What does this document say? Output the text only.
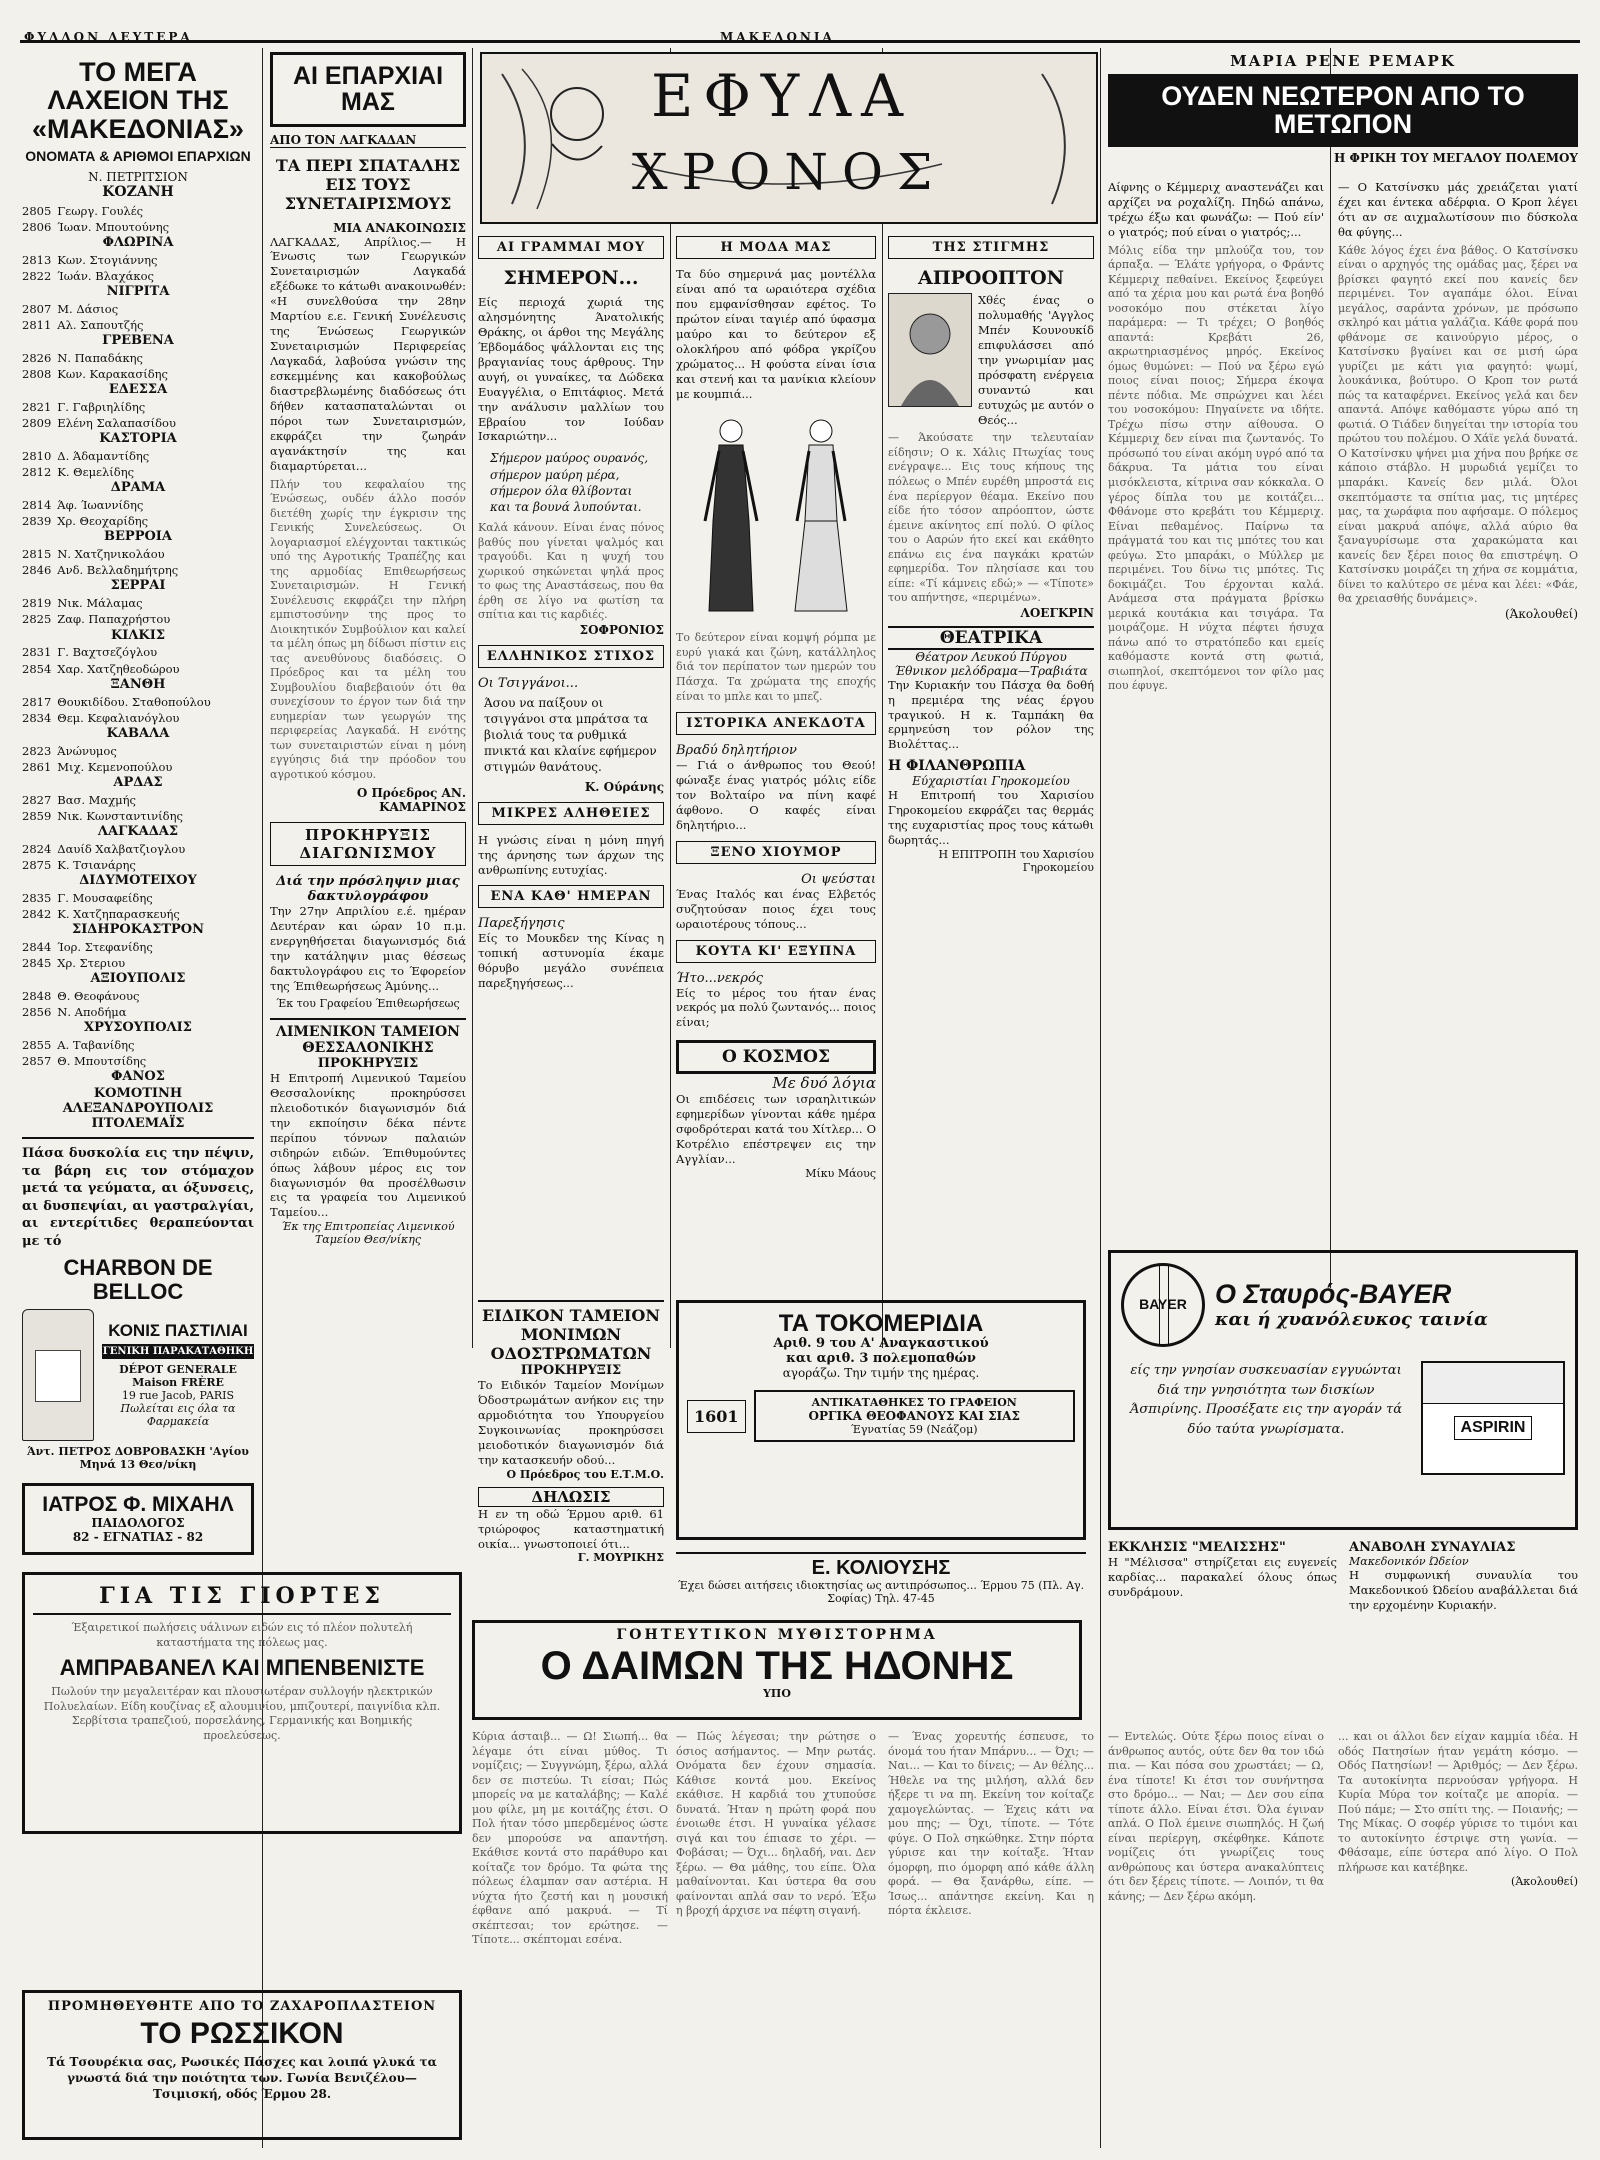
ΦΥΛΛΟΝ ΔΕΥΤΕΡΑ	ΜΑΚΕΔΟΝΙΑ
ΤΟ ΜΕΓΑ ΛΑΧΕΙΟΝ ΤΗΣ «ΜΑΚΕΔΟΝΙΑΣ»
ΟΝΟΜΑΤΑ & ΑΡΙΘΜΟΙ ΕΠΑΡΧΙΩΝ
Ν. ΠΕΤΡΙΤΣΙΟΝ
ΚΟΖΑΝΗ
2805 Γεωργ. Γουλές
2806 Ίωαν. Μπουτούνης
ΦΛΩΡΙΝΑ
2813 Κων. Στογιάννης
2822 Ίωάν. Βλαχάκος
ΝΙΓΡΙΤΑ
2807 Μ. Δάσιος
2811 Αλ. Σαπουτζής
ΓΡΕΒΕΝΑ
2826 Ν. Παπαδάκης
2808 Κων. Καρακασίδης
ΕΔΕΣΣΑ
2821 Γ. Γαβριηλίδης
2809 Ελένη Σαλαπασίδου
ΚΑΣΤΟΡΙΑ
2810 Δ. Άδαμαντίδης
2812 Κ. Θεμελίδης
ΔΡΑΜΑ
2814 Άφ. Ίωαννίδης
2839 Χρ. Θεοχαρίδης
ΒΕΡΡΟΙΑ
2815 Ν. Χατζηνικολάου
2846 Ανδ. Βελλαδημήτρης
ΣΕΡΡΑΙ
2819 Νικ. Μάλαμας
2825 Ζαφ. Παπαχρήστου
ΚΙΛΚΙΣ
2831 Γ. Βαχτσεζόγλου
2854 Χαρ. Χατζηθεοδώρου
ΞΑΝΘΗ
2817 Θουκιδίδου. Σταθοπούλου
2834 Θεμ. Κεφαλιανόγλου
ΚΑΒΑΛΑ
2823 Άνώνυμος
2861 Μιχ. Κεμενοπούλου
ΑΡΔΑΣ
2827 Βασ. Μαχμής
2859 Νικ. Κωνσταντινίδης
ΛΑΓΚΑΔΑΣ
2824 Δαυίδ Χαλβατζιογλου
2875 Κ. Τσιανάρης
ΔΙΔΥΜΟΤΕΙΧΟΥ
2835 Γ. Μουσαφείδης
2842 Κ. Χατζηπαρασκευής
ΣΙΔΗΡΟΚΑΣΤΡΟΝ
2844 Ίορ. Στεφανίδης
2845 Χρ. Στεριου
ΑΞΙΟΥΠΟΛΙΣ
2848 Θ. Θεοφάνους
2856 Ν. Αποδήμα
ΧΡΥΣΟΥΠΟΛΙΣ
2855 Α. Ταβανίδης
2857 Θ. Μπουτσίδης
ΦΑΝΟΣ
ΚΟΜΟΤΙΝΗ
ΑΛΕΞΑΝΔΡΟΥΠΟΛΙΣ
ΠΤΟΛΕΜΑΪΣ
Πάσα δυσκολία εις την πέψιν, τα βάρη εις τον στόμαχον μετά τα γεύματα, αι όξυνσεις, αι δυσπεψίαι, αι γαστραλγίαι, αι εντερίτιδες θεραπεύονται με τό
CHARBON DE BELLOC
ΚΟΝΙΣ ΠΑΣΤΙΛΙΑΙ
ΓΕΝΙΚΗ ΠΑΡΑΚΑΤΑΘΗΚΗ
DÉPOT GENERALE Maison FRÈRE
19 rue Jacob, PARIS
Πωλείται εις όλα τα Φαρμακεία
Άντ. ΠΕΤΡΟΣ ΔΟΒΡΟΒΑΣΚΗ 'Αγίου Μηνά 13 Θεσ/νίκη
ΙΑΤΡΟΣ Φ. ΜΙΧΑΗΛ
ΠΑΙΔΟΛΟΓΟΣ
82 - ΕΓΝΑΤΙΑΣ - 82
ΓΙΑ ΤΙΣ ΓΙΟΡΤΕΣ
Έξαιρετικοί πωλήσεις υάλινων ειδών εις τό πλέον πολυτελή καταστήματα της πόλεως μας.
ΑΜΠΡΑΒΑΝΕΛ ΚΑΙ ΜΠΕΝΒΕΝΙΣΤΕ
Πωλούν την μεγαλειτέραν και πλουσιωτέραν συλλογήν ηλεκτρικών Πολυελαίων. Είδη κουζίνας εξ αλουμινίου, μπιζουτερί, παιγνίδια κλπ. Σερβίτσια τραπεζιού, πορσελάνης, Γερμανικής και Βοημικής προελεύσεως.
ΠΡΟΜΗΘΕΥΘΗΤΕ ΑΠΟ ΤΟ ΖΑΧΑΡΟΠΛΑΣΤΕΙΟΝ
ΤΟ ΡΩΣΣΙΚΟΝ
Τά Τσουρέκια σας, Ρωσικές Πάσχες και λοιπά γλυκά τα γνωστά διά την ποιότητα των. Γωνία Βενιζέλου—Τσιμισκή, οδός Έρμου 28.
ΑΙ ΕΠΑΡΧΙΑΙ ΜΑΣ
ΑΠΟ ΤΟΝ ΛΑΓΚΑΔΑΝ
ΤΑ ΠΕΡΙ ΣΠΑΤΑΛΗΣ ΕΙΣ ΤΟΥΣ ΣΥΝΕΤΑΙΡΙΣΜΟΥΣ
ΜΙΑ ΑΝΑΚΟΙΝΩΣΙΣ
ΛΑΓΚΑΔΑΣ, Απρίλιος.— Η Ένωσις των Γεωργικών Συνεταιρισμών Λαγκαδά εξέδωκε το κάτωθι ανακοινωθέν: «Η συνελθούσα την 28ην Μαρτίου ε.ε. Γενική Συνέλευσις της Ένώσεως Γεωργικών Συνεταιρισμών Περιφερείας Λαγκαδά, λαβούσα γνώσιν της εσκεμμένης και κακοβούλως διαστρεβλωμένης διαδόσεως ότι δήθεν κατασπαταλώνται οι πόροι των Συνεταιρισμών, εκφράζει την ζωηράν αγανάκτησίν της και διαμαρτύρεται...
Πλήν του κεφαλαίου της Ένώσεως, ουδέν άλλο ποσόν διετέθη χωρίς την έγκρισιν της Γενικής Συνελεύσεως. Οι λογαριασμοί ελέγχονται τακτικώς υπό της Αγροτικής Τραπέζης και της αρμοδίας Επιθεωρήσεως Συνεταιρισμών. Η Γενική Συνέλευσις εκφράζει την πλήρη εμπιστοσύνην της προς το Διοικητικόν Συμβούλιον και καλεί τα μέλη όπως μη δίδωσι πίστιν εις τας ανευθύνους διαδόσεις. Ο Πρόεδρος και τα μέλη του Συμβουλίου διαβεβαιούν ότι θα συνεχίσουν το έργον των διά την ευημερίαν των γεωργών της περιφερείας Λαγκαδά. Η ενότης των συνεταιριστών είναι η μόνη εγγύησις διά την πρόοδον του αγροτικού κόσμου.
Ο Πρόεδρος ΑΝ. ΚΑΜΑΡΙΝΟΣ
ΠΡΟΚΗΡΥΞΙΣ ΔΙΑΓΩΝΙΣΜΟΥ
Διά την πρόσληψιν μιας δακτυλογράφου
Την 27ην Απριλίου ε.έ. ημέραν Δευτέραν και ώραν 10 π.μ. ενεργηθήσεται διαγωνισμός διά την κατάληψιν μιας θέσεως δακτυλογράφου εις το Έφορείον της Έπιθεωρήσεως Άμύνης...
Έκ του Γραφείου Έπιθεωρήσεως
ΛΙΜΕΝΙΚΟΝ ΤΑΜΕΙΟΝ ΘΕΣΣΑΛΟΝΙΚΗΣ
ΠΡΟΚΗΡΥΞΙΣ
Η Επιτροπή Λιμενικού Ταμείου Θεσσαλονίκης προκηρύσσει πλειοδοτικόν διαγωνισμόν διά την εκποίησιν δέκα πέντε περίπου τόννων παλαιών σιδηρών ειδών. Έπιθυμούντες όπως λάβουν μέρος εις τον διαγωνισμόν θα προσέλθωσιν εις τα γραφεία του Λιμενικού Ταμείου...
Έκ της Επιτροπείας Λιμενικού Ταμείου Θεσ/νίκης
ΕΦΥΛΑ
ΧΡΟΝΟΣ
ΑΙ ΓΡΑΜΜΑΙ ΜΟΥ
ΣΗΜΕΡΟΝ...
Είς περιοχά χωριά της αλησμόνητης Άνατολικής Θράκης, οι άρθοι της Μεγάλης Έβδομάδος ψάλλονται εις της βραγιανίας τους άρθρους. Την αυγή, οι γυναίκες, τα Δώδεκα Ευαγγέλια, ο Επιτάφιος. Μετά την ανάλυσιν μαλλίων του Εβραίου τον Ιούδαν Ισκαριώτην...
Σήμερον μαύρος ουρανός, σήμερον μαύρη μέρα, σήμερον όλα θλίβονται και τα βουνά λυπούνται.
Καλά κάνουν. Είναι ένας πόνος βαθύς που γίνεται ψαλμός και τραγούδι. Και η ψυχή του χωρικού σηκώνεται ψηλά προς το φως της Αναστάσεως, που θα έρθη σε λίγο να φωτίση τα σπίτια και τις καρδιές.
ΣΟΦΡΟΝΙΟΣ
ΕΛΛΗΝΙΚΟΣ ΣΤΙΧΟΣ
Οι Τσιγγάνοι...
Άσου να παίξουν οι τσιγγάνοι στα μπράτσα τα βιολιά τους τα ρυθμικά πνικτά και κλαίνε εφήμερον στιγμών θανάτους.
Κ. Ούράνης
ΜΙΚΡΕΣ ΑΛΗΘΕΙΕΣ
Η γνώσις είναι η μόνη πηγή της άρνησης των άρχων της ανθρωπίνης ευτυχίας.
ΕΝΑ ΚΑΘ' ΗΜΕΡΑΝ
Παρεξήγησις
Είς το Μουκδεν της Κίνας η τοπική αστυνομία έκαμε θόρυβο μεγάλο συνέπεια παρεξηγήσεως...
ΕΙΔΙΚΟΝ ΤΑΜΕΙΟΝ ΜΟΝΙΜΩΝ ΟΔΟΣΤΡΩΜΑΤΩΝ
ΠΡΟΚΗΡΥΞΙΣ
Το Ειδικόν Ταμείον Μονίμων Όδοστρωμάτων ανήκον εις την αρμοδιότητα του Υπουργείου Συγκοινωνίας προκηρύσσει μειοδοτικόν διαγωνισμόν διά την κατασκευήν οδού...
Ο Πρόεδρος του Ε.Τ.Μ.Ο.
ΔΗΛΩΣΙΣ
Η εν τη οδώ Έρμου αριθ. 61 τριώροφος καταστηματική οικία... γνωστοποιεί ότι...
Γ. ΜΟΥΡΙΚΗΣ
Η ΜΟΔΑ ΜΑΣ
Τα δύο σημερινά μας μοντέλλα είναι από τα ωραιότερα σχέδια που εμφανίσθησαν εφέτος. Το πρώτον είναι ταγιέρ από ύφασμα μαύρο και το δεύτερον εξ ολοκλήρου από φόδρα γκρίζου χρώματος... Η φούστα είναι ίσια και στενή και τα μανίκια κλείουν με κουμπιά...
Το δεύτερον είναι κομψή ρόμπα με ευρύ γιακά και ζώνη, κατάλληλος διά τον περίπατον των ημερών του Πάσχα. Τα χρώματα της εποχής είναι το μπλε και το μπεζ.
ΙΣΤΟΡΙΚΑ ΑΝΕΚΔΟΤΑ
Βραδύ δηλητήριον
— Γιά ο άνθρωπος του Θεού! φώναξε ένας γιατρός μόλις είδε τον Βολταίρο να πίνη καφέ άφθονο. Ο καφές είναι δηλητήριο...
ΞΕΝΟ ΧΙΟΥΜΟΡ
Οι ψεύσται
Ένας Ιταλός και ένας Ελβετός συζητούσαν ποιος έχει τους ωραιοτέρους τόπους...
ΚΟΥΤΑ ΚΙ' ΕΞΥΠΝΑ
Ήτο...νεκρός
Είς το μέρος του ήταν ένας νεκρός μα πολύ ζωντανός... ποιος είναι;
Ο ΚΟΣΜΟΣ
Με δυό λόγια
Οι επιδέσεις των ισραηλιτικών εφημερίδων γίνονται κάθε ημέρα σφοδρότεραι κατά του Χίτλερ... Ο Κοτρέλιο επέστρεψεν εις την Αγγλίαν...
Μίκυ Μάους
ΤΑ ΤΟΚΟΜΕΡΙΔΙΑ
Αριθ. 9 του Α' Αναγκαστικού
και αριθ. 3 πολεμοπαθών
αγοράζω. Την τιμήν της ημέρας.
1601
ΑΝΤΙΚΑΤΑΘΗΚΕΣ ΤΟ ΓΡΑΦΕΙΟΝ
ΟΡΓΙΚΑ ΘΕΟΦΑΝΟΥΣ ΚΑΙ ΣΙΑΣ
Έγνατίας 59 (Νεάζομ)
Ε. ΚΟΛΙΟΥΣΗΣ
Έχει δώσει αιτήσεις ιδιοκτησίας ως αντιπρόσωπος... Έρμου 75 (Πλ. Αγ. Σοφίας) Τηλ. 47-45
ΤΗΣ ΣΤΙΓΜΗΣ
ΑΠΡΟΟΠΤΟΝ
Χθές ένας ο πολυμαθής 'Αγγλος Μπέν Κουνουκίδ επιφυλάσσει από την γνωριμίαν μας πρόσφατη ενέργεια συναντώ και ευτυχώς με αυτόν ο Θεός...
— Άκούσατε την τελευταίαν είδησιν; Ο κ. Χάλις Πτωχίας τους ενέγραψε... Εις τους κήπους της πόλεως ο Μπέν ευρέθη μπροστά εις ένα περίεργον θέαμα. Εκείνο που είδε ήτο τόσον απρόοπτον, ώστε έμεινε ακίνητος επί πολύ. Ο φίλος του ο Ααρών ήτο εκεί και εκάθητο επάνω εις ένα παγκάκι κρατών εφημερίδα. Τον πλησίασε και του είπε: «Τί κάμνεις εδώ;» — «Τίποτε» του απήντησε, «περιμένω».
ΛΟΕΓΚΡΙΝ
ΘΕΑΤΡΙΚΑ
Θέατρον Λευκού Πύργου
Έθνικον μελόδραμα—Τραβιάτα
Την Κυριακήν του Πάσχα θα δοθή η πρεμιέρα της νέας έργου τραγικού. Η κ. Ταμπάκη θα ερμηνεύση τον ρόλον της Βιολέττας...
Η ΦΙΛΑΝΘΡΩΠΙΑ
Εύχαριστίαι Γηροκομείου
Η Επιτροπή του Χαρισίου Γηροκομείου εκφράζει τας θερμάς της ευχαριστίας προς τους κάτωθι δωρητάς...
Η ΕΠΙΤΡΟΠΗ του Χαρισίου Γηροκομείου
ΜΑΡΙΑ ΡΕΝΕ ΡΕΜΑΡΚ
ΟΥΔΕΝ ΝΕΩΤΕΡΟΝ ΑΠΟ ΤΟ ΜΕΤΩΠΟΝ
Η ΦΡΙΚΗ ΤΟΥ ΜΕΓΑΛΟΥ ΠΟΛΕΜΟΥ
Αίφνης ο Κέμμεριχ αναστενάζει και αρχίζει να ροχαλίζη. Πηδώ απάνω, τρέχω έξω και φωνάζω: — Πού είν' ο γιατρός; πού είναι ο γιατρός;...
Μόλις είδα την μπλούζα του, τον άρπαξα. — Έλάτε γρήγορα, ο Φράντς Κέμμεριχ πεθαίνει. Εκείνος ξεφεύγει από τα χέρια μου και ρωτά ένα βοηθό νοσοκόμο που στέκεται λίγο παράμερα: — Τι τρέχει; Ο βοηθός απαντά: Κρεβάτι 26, ακρωτηριασμένος μηρός. Εκείνος όμως θυμώνει: — Πού να ξέρω εγώ ποιος είναι ποιος; Σήμερα έκοψα πέντε πόδια. Με σπρώχνει και λέει του νοσοκόμου: Πηγαίνετε να ιδήτε. Τρέχω πίσω στην αίθουσα. Ο Κέμμεριχ δεν είναι πια ζωντανός. Το πρόσωπό του είναι ακόμη υγρό από τα δάκρυα. Τα μάτια του είναι μισόκλειστα, κίτρινα σαν κόκκαλα. Ο γέρος δίπλα του με κοιτάζει... Φθάνομε στο κρεβάτι του Κέμμεριχ. Είναι πεθαμένος. Παίρνω τα πράγματά του και τις μπότες του και φεύγω. Στο μπαράκι, ο Μύλλερ με περιμένει. Του δίνω τις μπότες. Τις δοκιμάζει. Του έρχονται καλά. Ανάμεσα στα πράγματα βρίσκω μερικά κουτάκια και τσιγάρα. Τα μοιράζομε. Η νύχτα πέφτει ήσυχα πάνω από το στρατόπεδο και εμείς καθόμαστε κοντά στη φωτιά, σιωπηλοί, σκεπτόμενοι τον φίλο μας που έφυγε.
— Ο Κατσίνσκυ μάς χρειάζεται γιατί έχει και έντεκα αδέρφια. Ο Κροπ λέγει ότι αν σε αιχμαλωτίσουν πιο δύσκολα θα φύγης...
Κάθε λόγος έχει ένα βάθος. Ο Κατσίνσκυ είναι ο αρχηγός της ομάδας μας, ξέρει να βρίσκει φαγητό εκεί που κανείς δεν περιμένει. Τον αγαπάμε όλοι. Είναι μεγάλος, σαράντα χρόνων, με πρόσωπο σκληρό και μάτια γαλάζια. Κάθε φορά που φθάνομε σε καινούργιο μέρος, ο Κατσίνσκυ βγαίνει και σε μισή ώρα γυρίζει με κάτι για φαγητό: ψωμί, λουκάνικα, βούτυρο. Ο Κροπ τον ρωτά πώς τα καταφέρνει. Εκείνος γελά και δεν απαντά. Απόψε καθόμαστε γύρω από τη φωτιά. Ο Τιάδεν διηγείται την ιστορία του πρώτου του πολέμου. Ο Χάϊε γελά δυνατά. Ο Κατσίνσκυ ψήνει μια χήνα που βρήκε σε κάποιο στάβλο. Η μυρωδιά γεμίζει το μπαράκι. Κανείς δεν μιλά. Όλοι σκεπτόμαστε τα σπίτια μας, τις μητέρες μας, τα χωράφια που αφήσαμε. Ο πόλεμος είναι μακρυά απόψε, αλλά αύριο θα ξαναγυρίσωμε στα χαρακώματα και κανείς δεν ξέρει ποιος θα επιστρέψη. Ο Κατσίνσκυ μοιράζει τη χήνα σε κομμάτια, δίνει το καλύτερο σε μένα και λέει: «Φάε, θα χρειασθής δυνάμεις».
(Άκολουθεί)
BAYER	Ο Σταυρός-BAYER
και ή χυανόλευκος ταινία
είς την γνησίαν συσκευασίαν εγγυώνται διά την γνησιότητα των δισκίων Άσπιρίνης. Προσέξατε εις την αγοράν τά δύο ταύτα γνωρίσματα.	ASPIRIN
ΓΟΗΤΕΥΤΙΚΟΝ ΜΥΘΙΣΤΟΡΗΜΑ
Ο ΔΑΙΜΩΝ ΤΗΣ ΗΔΟΝΗΣ
ΥΠΟ
Κύρια άσταιβ... — Ω! Σιωπή... θα λέγαμε ότι είναι μύθος. Τι νομίζεις; — Συγγνώμη, ξέρω, αλλά δεν σε πιστεύω. Τι είσαι; Πώς μπορείς να με καταλάβης; — Καλέ μου φίλε, μη με κοιτάζης έτσι. Ο Πολ ήταν τόσο μπερδεμένος ώστε δεν μπορούσε να απαντήση. Εκάθισε κοντά στο παράθυρο και κοίταζε τον δρόμο. Τα φώτα της πόλεως έλαμπαν σαν αστέρια. Η νύχτα ήτο ζεστή και η μουσική έφθανε από μακρυά. — Τί σκέπτεσαι; τον ερώτησε. — Τίποτε... σκέπτομαι εσένα.
— Πώς λέγεσαι; την ρώτησε ο όσιος ασήμαντος. — Μην ρωτάς. Ονόματα δεν έχουν σημασία. Κάθισε κοντά μου. Εκείνος εκάθισε. Η καρδιά του χτυπούσε δυνατά. Ήταν η πρώτη φορά που ένοιωθε έτσι. Η γυναίκα γέλασε σιγά και του έπιασε το χέρι. — Φοβάσαι; — Όχι... δηλαδή, ναι. Δεν ξέρω. — Θα μάθης, του είπε. Όλα μαθαίνονται. Και ύστερα θα σου φαίνονται απλά σαν το νερό. Έξω η βροχή άρχισε να πέφτη σιγανή.
— Ένας χορευτής έσπευσε, το όνομά του ήταν Μπάρνυ... — Όχι; — Ναι... — Και το δίνεις; — Αν θέλης... Ήθελε να της μιλήση, αλλά δεν ήξερε τι να πη. Εκείνη τον κοίταζε χαμογελώντας. — Έχεις κάτι να μου πης; — Όχι, τίποτε. — Τότε φύγε. Ο Πολ σηκώθηκε. Στην πόρτα γύρισε και την κοίταξε. Ήταν όμορφη, πιο όμορφη από κάθε άλλη φορά. — Θα ξανάρθω, είπε. — Ίσως... απάντησε εκείνη. Και η πόρτα έκλεισε.
— Εντελώς. Ούτε ξέρω ποιος είναι ο άνθρωπος αυτός, ούτε δεν θα τον ιδώ πια. — Και πόσα σου χρωστάει; — Ω, ένα τίποτε! Κι έτσι τον συνήντησα στο δρόμο... — Ναι; — Δεν σου είπα τίποτε άλλο. Είναι έτσι. Όλα έγιναν απλά. Ο Πολ έμεινε σιωπηλός. Η ζωή είναι περίεργη, σκέφθηκε. Κάποτε νομίζεις ότι γνωρίζεις τους ανθρώπους και ύστερα ανακαλύπτεις ότι δεν ξέρεις τίποτε. — Λοιπόν, τι θα κάνης; — Δεν ξέρω ακόμη.
... και οι άλλοι δεν είχαν καμμία ιδέα. Η οδός Πατησίων ήταν γεμάτη κόσμο. — Οδός Πατησίων! — Άριθμός; — Δεν ξέρω. Τα αυτοκίνητα περνούσαν γρήγορα. Η Κυρία Μύρα τον κοίταζε με απορία. — Πού πάμε; — Στο σπίτι της. — Ποιανής; — Της Μίκας. Ο σοφέρ γύρισε το τιμόνι και το αυτοκίνητο έστριψε στη γωνία. — Φθάσαμε, είπε ύστερα από λίγο. Ο Πολ πλήρωσε και κατέβηκε.
(Άκολουθεί)
ΕΚΚΛΗΣΙΣ "ΜΕΛΙΣΣΗΣ"
Η "Μέλισσα" στηρίζεται εις ευγενείς καρδίας... παρακαλεί όλους όπως συνδράμουν.
ΑΝΑΒΟΛΗ ΣΥΝΑΥΛΙΑΣ
Μακεδονικόν Ώδείον
Η συμφωνική συναυλία του Μακεδονικού Ώδείου αναβάλλεται διά την ερχομένην Κυριακήν.
